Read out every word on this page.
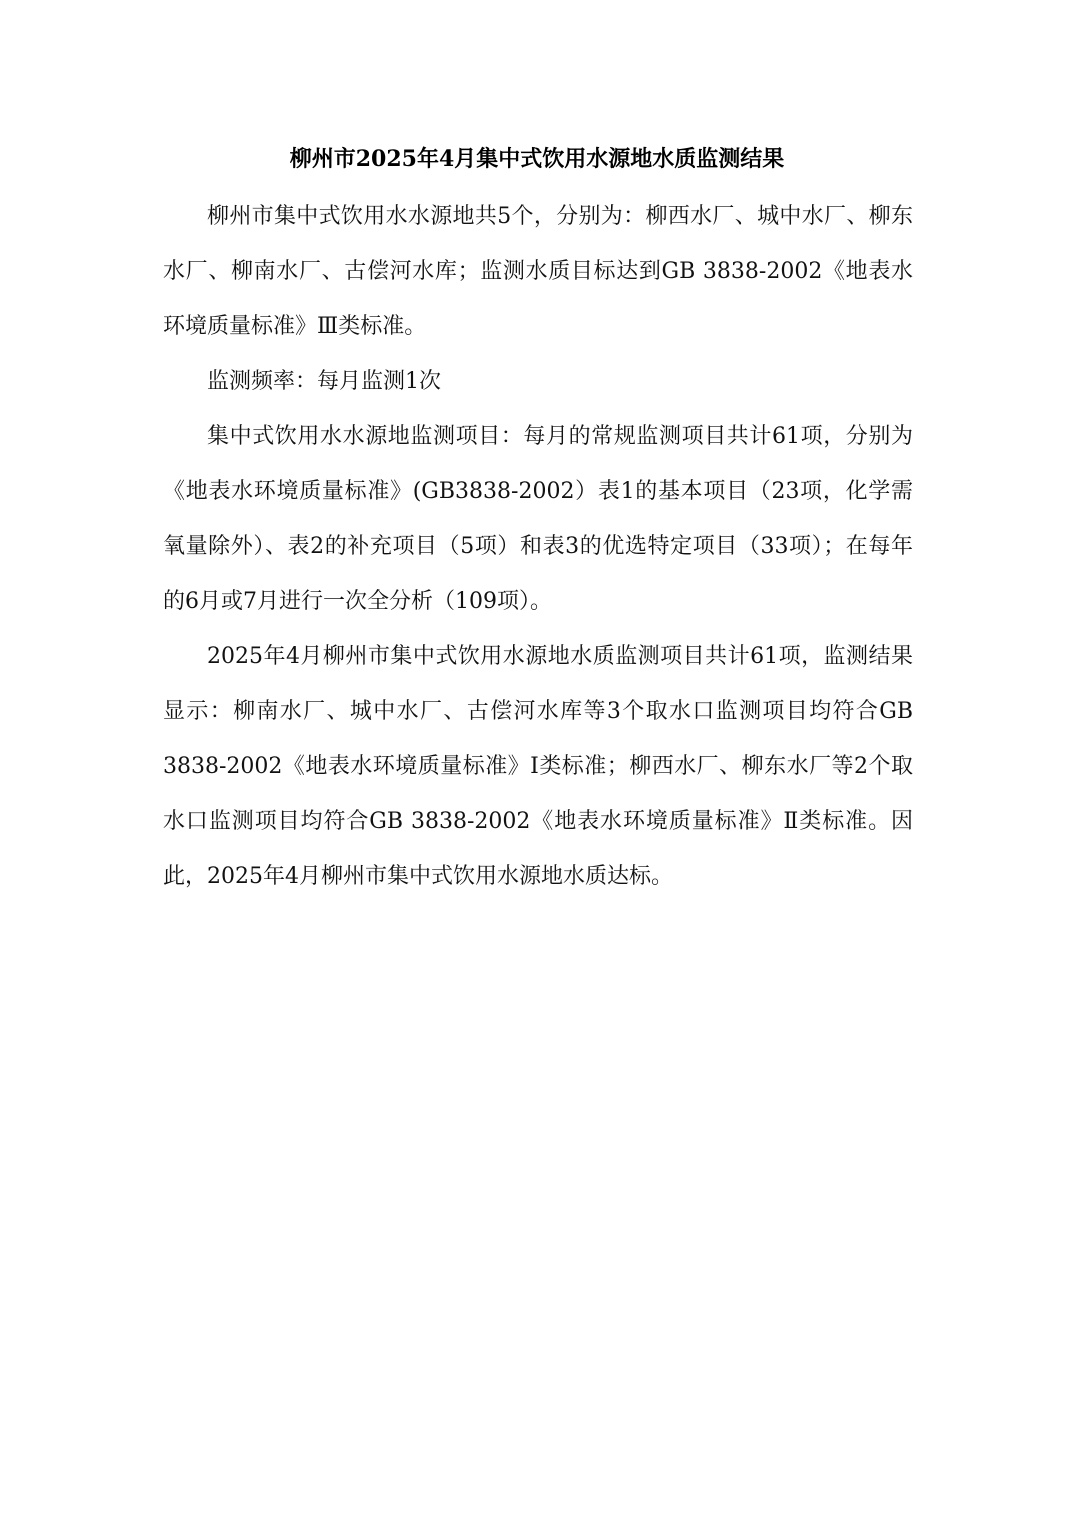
柳州市2025年4月集中式饮用水源地水质监测结果

柳州市集中式饮用水水源地共5个，分别为：柳西水厂、城中水厂、柳东水厂、柳南水厂、古偿河水库；监测水质目标达到GB 3838-2002《地表水环境质量标准》Ⅲ类标准。

监测频率：每月监测1次

集中式饮用水水源地监测项目：每月的常规监测项目共计61项，分别为《地表水环境质量标准》(GB3838-2002）表1的基本项目（23项，化学需氧量除外）、表2的补充项目（5项）和表3的优选特定项目（33项）；在每年的6月或7月进行一次全分析（109项）。

2025年4月柳州市集中式饮用水源地水质监测项目共计61项，监测结果显示：柳南水厂、城中水厂、古偿河水库等3个取水口监测项目均符合GB 3838-2002《地表水环境质量标准》Ⅰ类标准；柳西水厂、柳东水厂等2个取水口监测项目均符合GB 3838-2002《地表水环境质量标准》Ⅱ类标准。因此，2025年4月柳州市集中式饮用水源地水质达标。
